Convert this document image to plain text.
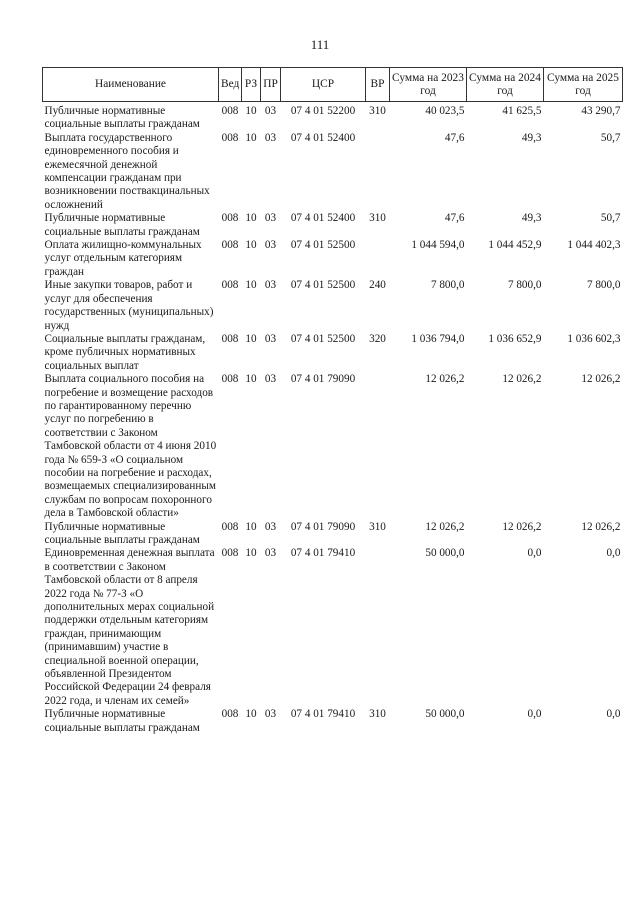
111
Наименование	Вед	РЗ	ПР	ЦСР	ВР	Сумма на 2023 год	Сумма на 2024 год	Сумма на 2025 год
Публичные нормативные социальные выплаты гражданам	008	10	03	07 4 01 52200	310	40 023,5	41 625,5	43 290,7
Выплата государственного единовременного пособия и ежемесячной денежной компенсации гражданам при возникновении поствакцинальных осложнений	008	10	03	07 4 01 52400		47,6	49,3	50,7
Публичные нормативные социальные выплаты гражданам	008	10	03	07 4 01 52400	310	47,6	49,3	50,7
Оплата жилищно-коммунальных услуг отдельным категориям граждан	008	10	03	07 4 01 52500		1 044 594,0	1 044 452,9	1 044 402,3
Иные закупки товаров, работ и услуг для обеспечения государственных (муниципальных) нужд	008	10	03	07 4 01 52500	240	7 800,0	7 800,0	7 800,0
Социальные выплаты гражданам, кроме публичных нормативных социальных выплат	008	10	03	07 4 01 52500	320	1 036 794,0	1 036 652,9	1 036 602,3
Выплата социального пособия на погребение и возмещение расходов по гарантированному перечню услуг по погребению в соответствии с Законом Тамбовской области от 4 июня 2010 года № 659-З «О социальном пособии на погребение и расходах, возмещаемых специализированным службам по вопросам похоронного дела в Тамбовской области»	008	10	03	07 4 01 79090		12 026,2	12 026,2	12 026,2
Публичные нормативные социальные выплаты гражданам	008	10	03	07 4 01 79090	310	12 026,2	12 026,2	12 026,2
Единовременная денежная выплата в соответствии с Законом Тамбовской области от 8 апреля 2022 года № 77-З «О дополнительных мерах социальной поддержки отдельным категориям граждан, принимающим (принимавшим) участие в специальной военной операции, объявленной Президентом Российской Федерации 24 февраля 2022 года, и членам их семей»	008	10	03	07 4 01 79410		50 000,0	0,0	0,0
Публичные нормативные социальные выплаты гражданам	008	10	03	07 4 01 79410	310	50 000,0	0,0	0,0
